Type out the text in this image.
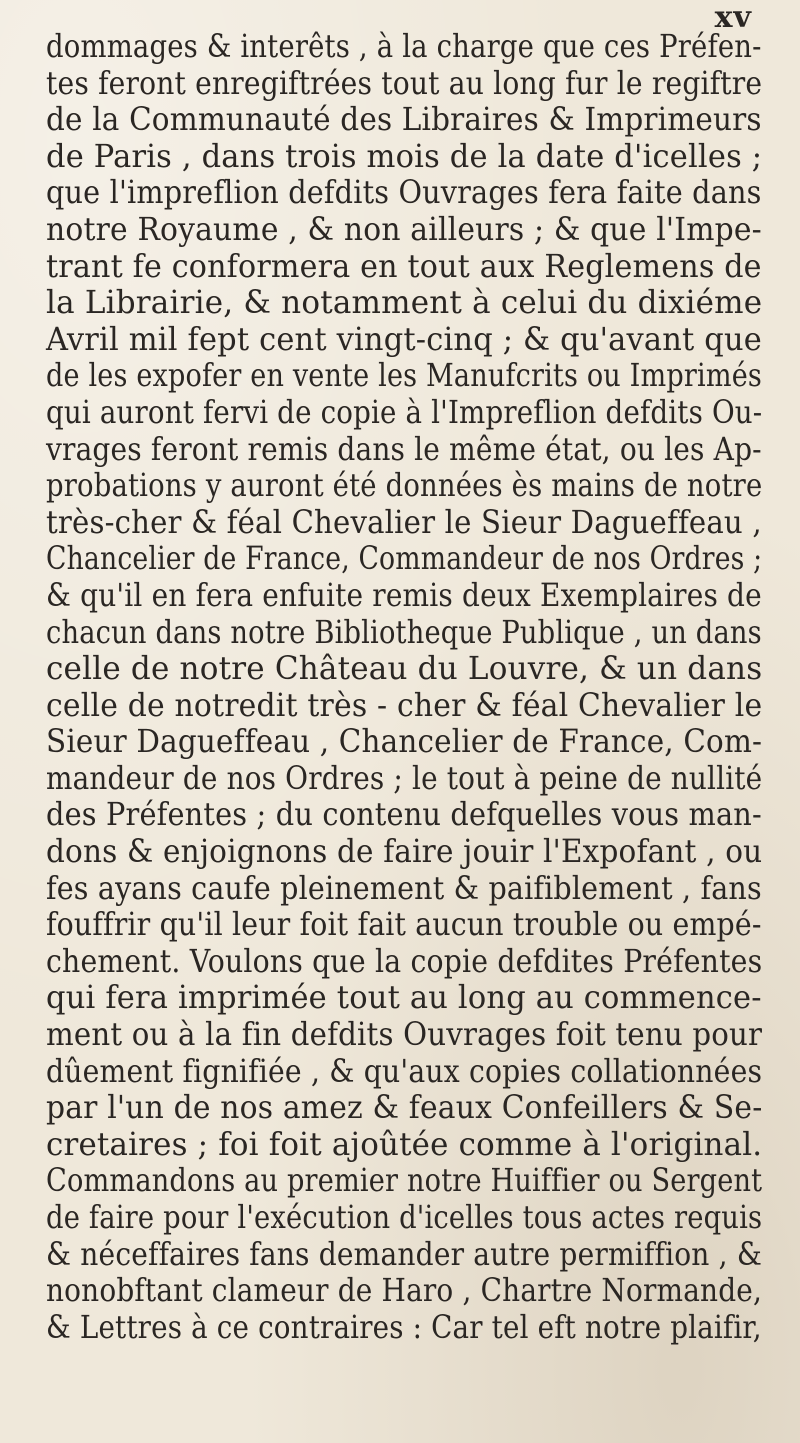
xv
dommages & interêts , à la charge que ces Préfen-
tes feront enregiftrées tout au long fur le regiftre
de la Communauté des Libraires & Imprimeurs
de Paris , dans trois mois de la date d'icelles ;
que l'impreflion defdits Ouvrages fera faite dans
notre Royaume , & non ailleurs ; & que l'Impe-
trant fe conformera en tout aux Reglemens de
la Librairie, & notamment à celui du dixiéme
Avril mil fept cent vingt-cinq ; & qu'avant que
de les expofer en vente les Manufcrits ou Imprimés
qui auront fervi de copie à l'Impreflion defdits Ou-
vrages feront remis dans le même état, ou les Ap-
probations y auront été données ès mains de notre
très-cher & féal Chevalier le Sieur Dagueffeau ,
Chancelier de France, Commandeur de nos Ordres ;
& qu'il en fera enfuite remis deux Exemplaires de
chacun dans notre Bibliotheque Publique , un dans
celle de notre Château du Louvre, & un dans
celle de notredit très - cher & féal Chevalier le
Sieur Dagueffeau , Chancelier de France, Com-
mandeur de nos Ordres ; le tout à peine de nullité
des Préfentes ; du contenu defquelles vous man-
dons & enjoignons de faire jouir l'Expofant , ou
fes ayans caufe pleinement & paifiblement , fans
fouffrir qu'il leur foit fait aucun trouble ou empé-
chement. Voulons que la copie defdites Préfentes
qui fera imprimée tout au long au commence-
ment ou à la fin defdits Ouvrages foit tenu pour
dûement fignifiée , & qu'aux copies collationnées
par l'un de nos amez & feaux Confeillers & Se-
cretaires ; foi foit ajoûtée comme à l'original.
Commandons au premier notre Huiffier ou Sergent
de faire pour l'exécution d'icelles tous actes requis
& néceffaires fans demander autre permiffion , &
nonobftant clameur de Haro , Chartre Normande,
& Lettres à ce contraires : Car tel eft notre plaifir,
